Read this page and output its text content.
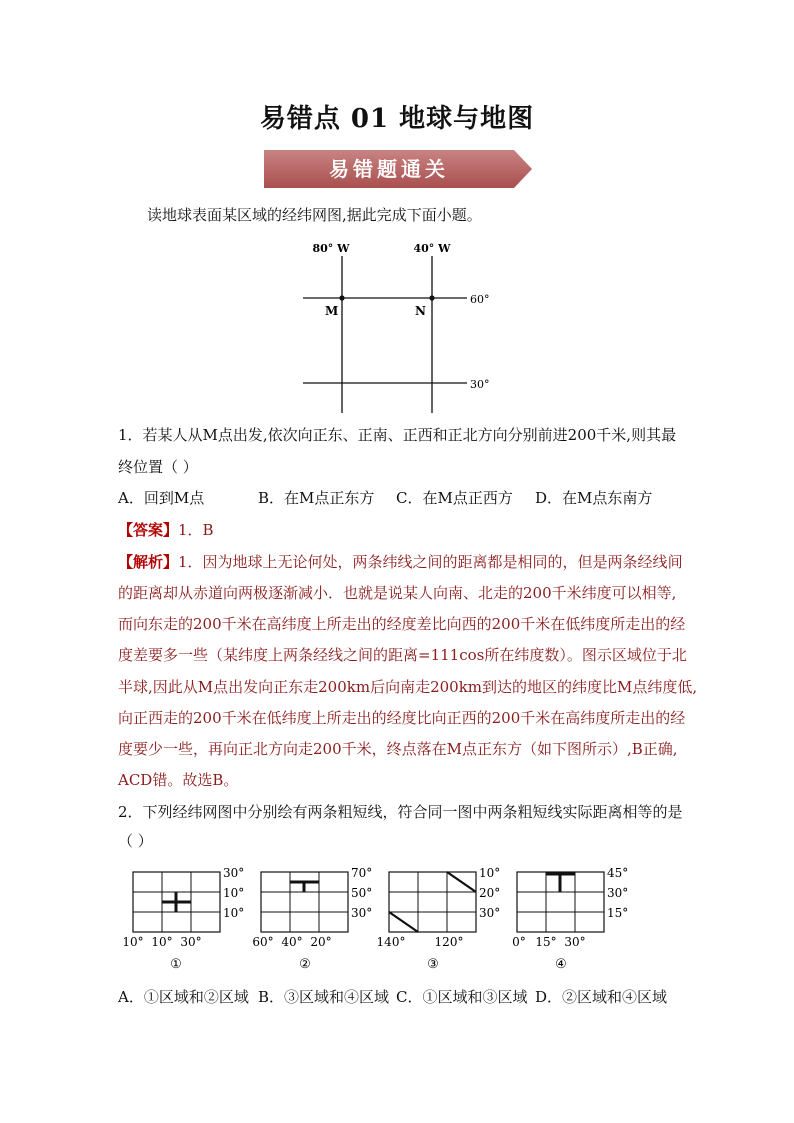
易错点 01 地球与地图
易错题通关
读地球表面某区域的经纬网图,据此完成下面小题。
80° W	40° W
60°
30°
M	N
1．若某人从M点出发,依次向正东、正南、正西和正北方向分别前进200千米,则其最
终位置（ ）
A．回到M点	B．在M点正东方 C．在M点正西方 D．在M点东南方
【答案】1．B
【解析】1．因为地球上无论何处，两条纬线之间的距离都是相同的，但是两条经线间
的距离却从赤道向两极逐渐减小．也就是说某人向南、北走的200千米纬度可以相等,
而向东走的200千米在高纬度上所走出的经度差比向西的200千米在低纬度所走出的经
度差要多一些（某纬度上两条经线之间的距离=111cos所在纬度数）。图示区域位于北
半球,因此从M点出发向正东走200km后向南走200km到达的地区的纬度比M点纬度低,
向正西走的200千米在低纬度上所走出的经度比向正西的200千米在高纬度所走出的经
度要少一些，再向正北方向走200千米，终点落在M点正东方（如下图所示）,B正确,
ACD错。故选B。
2．下列经纬网图中分别绘有两条粗短线，符合同一图中两条粗短线实际距离相等的是
（ ）
30°
10°
10°
10° 10° 30°
①
70°
50°
30°
60° 40° 20°
②
10°
20°
30°
140° 120°
③
45°
30°
15°
0° 15° 30°
④
A．①区域和②区域 B．③区域和④区域 C．①区域和③区域 D．②区域和④区域
